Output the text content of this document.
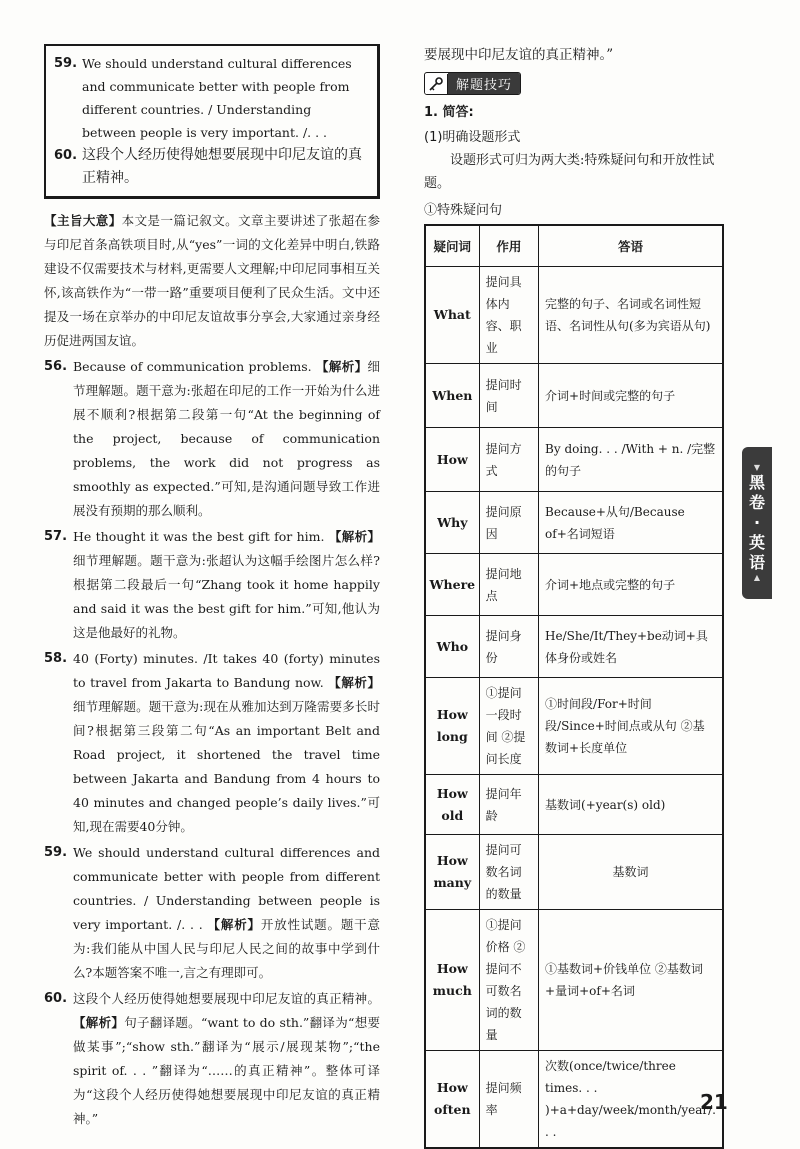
59. We should understand cultural differences and communicate better with people from different countries. / Understanding between people is very important. /. . .
60. 这段个人经历使得她想要展现中印尼友谊的真正精神。
【主旨大意】本文是一篇记叙文。文章主要讲述了张超在参与印尼首条高铁项目时,从“yes”一词的文化差异中明白,铁路建设不仅需要技术与材料,更需要人文理解;中印尼同事相互关怀,该高铁作为“一带一路”重要项目便利了民众生活。文中还提及一场在京举办的中印尼友谊故事分享会,大家通过亲身经历促进两国友谊。
56. Because of communication problems. 【解析】细节理解题。题干意为:张超在印尼的工作一开始为什么进展不顺利?根据第二段第一句“At the beginning of the project, because of communication problems, the work did not progress as smoothly as expected.”可知,是沟通问题导致工作进展没有预期的那么顺利。
57. He thought it was the best gift for him. 【解析】细节理解题。题干意为:张超认为这幅手绘图片怎么样?根据第二段最后一句“Zhang took it home happily and said it was the best gift for him.”可知,他认为这是他最好的礼物。
58. 40 (Forty) minutes. /It takes 40 (forty) minutes to travel from Jakarta to Bandung now. 【解析】细节理解题。题干意为:现在从雅加达到万隆需要多长时间?根据第三段第二句“As an important Belt and Road project, it shortened the travel time between Jakarta and Bandung from 4 hours to 40 minutes and changed people’s daily lives.”可知,现在需要40分钟。
59. We should understand cultural differences and communicate better with people from different countries. / Understanding between people is very important. /. . . 【解析】开放性试题。题干意为:我们能从中国人民与印尼人民之间的故事中学到什么?本题答案不唯一,言之有理即可。
60. 这段个人经历使得她想要展现中印尼友谊的真正精神。 【解析】句子翻译题。“want to do sth.”翻译为“想要做某事”;“show sth.”翻译为“展示/展现某物”;“the spirit of. . . ”翻译为“……的真正精神”。整体可译为“这段个人经历使得她想要展现中印尼友谊的真正精神。”
要展现中印尼友谊的真正精神。”
解题技巧
1. 简答:
(1)明确设题形式
设题形式可归为两大类:特殊疑问句和开放性试题。
①特殊疑问句
疑问词	作用	答语
What	提问具体内容、职业	完整的句子、名词或名词性短语、名词性从句(多为宾语从句)
When	提问时间	介词+时间或完整的句子
How	提问方式	By doing. . . /With + n. /完整的句子
Why	提问原因	Because+从句/Because of+名词短语
Where	提问地点	介词+地点或完整的句子
Who	提问身份	He/She/It/They+be动词+具体身份或姓名
How long	①提问一段时间 ②提问长度	①时间段/For+时间段/Since+时间点或从句 ②基数词+长度单位
How old	提问年龄	基数词(+year(s) old)
How many	提问可数名词的数量	基数词
How much	①提问价格 ②提问不可数名词的数量	①基数词+价钱单位 ②基数词+量词+of+名词
How often	提问频率	次数(once/twice/three times. . . )+a+day/week/month/year/. . .
▼
黑
卷
·
英
语
▲
21
